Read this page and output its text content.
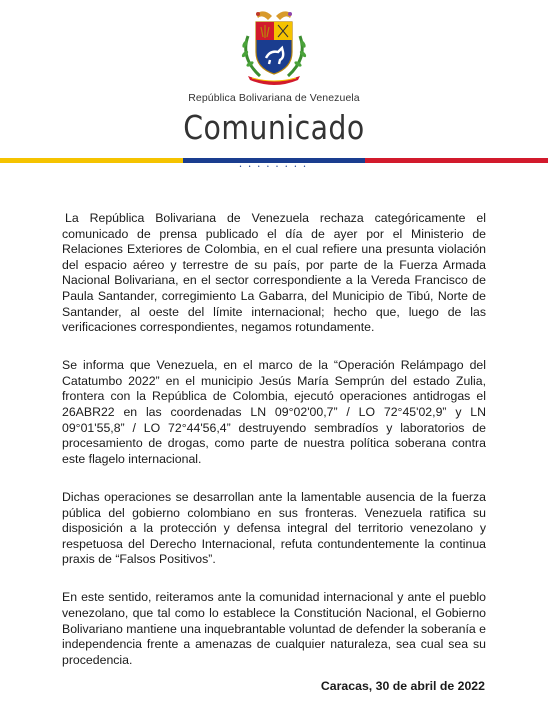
República Bolivariana de Venezuela
Comunicado
• • • • • • • •

La República Bolivariana de Venezuela rechaza categóricamente el comunicado de prensa publicado el día de ayer por el Ministerio de Relaciones Exteriores de Colombia, en el cual refiere una presunta violación del espacio aéreo y terrestre de su país, por parte de la Fuerza Armada Nacional Bolivariana, en el sector correspondiente a la Vereda Francisco de Paula Santander, corregimiento La Gabarra, del Municipio de Tibú, Norte de Santander, al oeste del límite internacional; hecho que, luego de las verificaciones correspondientes, negamos rotundamente.

Se informa que Venezuela, en el marco de la “Operación Relámpago del Catatumbo 2022” en el municipio Jesús María Semprún del estado Zulia, frontera con la República de Colombia, ejecutó operaciones antidrogas el 26ABR22 en las coordenadas LN 09°02'00,7” / LO 72°45'02,9” y LN 09°01'55,8” / LO 72°44'56,4” destruyendo sembradíos y laboratorios de procesamiento de drogas, como parte de nuestra política soberana contra este flagelo internacional.

Dichas operaciones se desarrollan ante la lamentable ausencia de la fuerza pública del gobierno colombiano en sus fronteras. Venezuela ratifica su disposición a la protección y defensa integral del territorio venezolano y respetuosa del Derecho Internacional, refuta contundentemente la continua praxis de “Falsos Positivos”.

En este sentido, reiteramos ante la comunidad internacional y ante el pueblo venezolano, que tal como lo establece la Constitución Nacional, el Gobierno Bolivariano mantiene una inquebrantable voluntad de defender la soberanía e independencia frente a amenazas de cualquier naturaleza, sea cual sea su procedencia.

Caracas, 30 de abril de 2022
